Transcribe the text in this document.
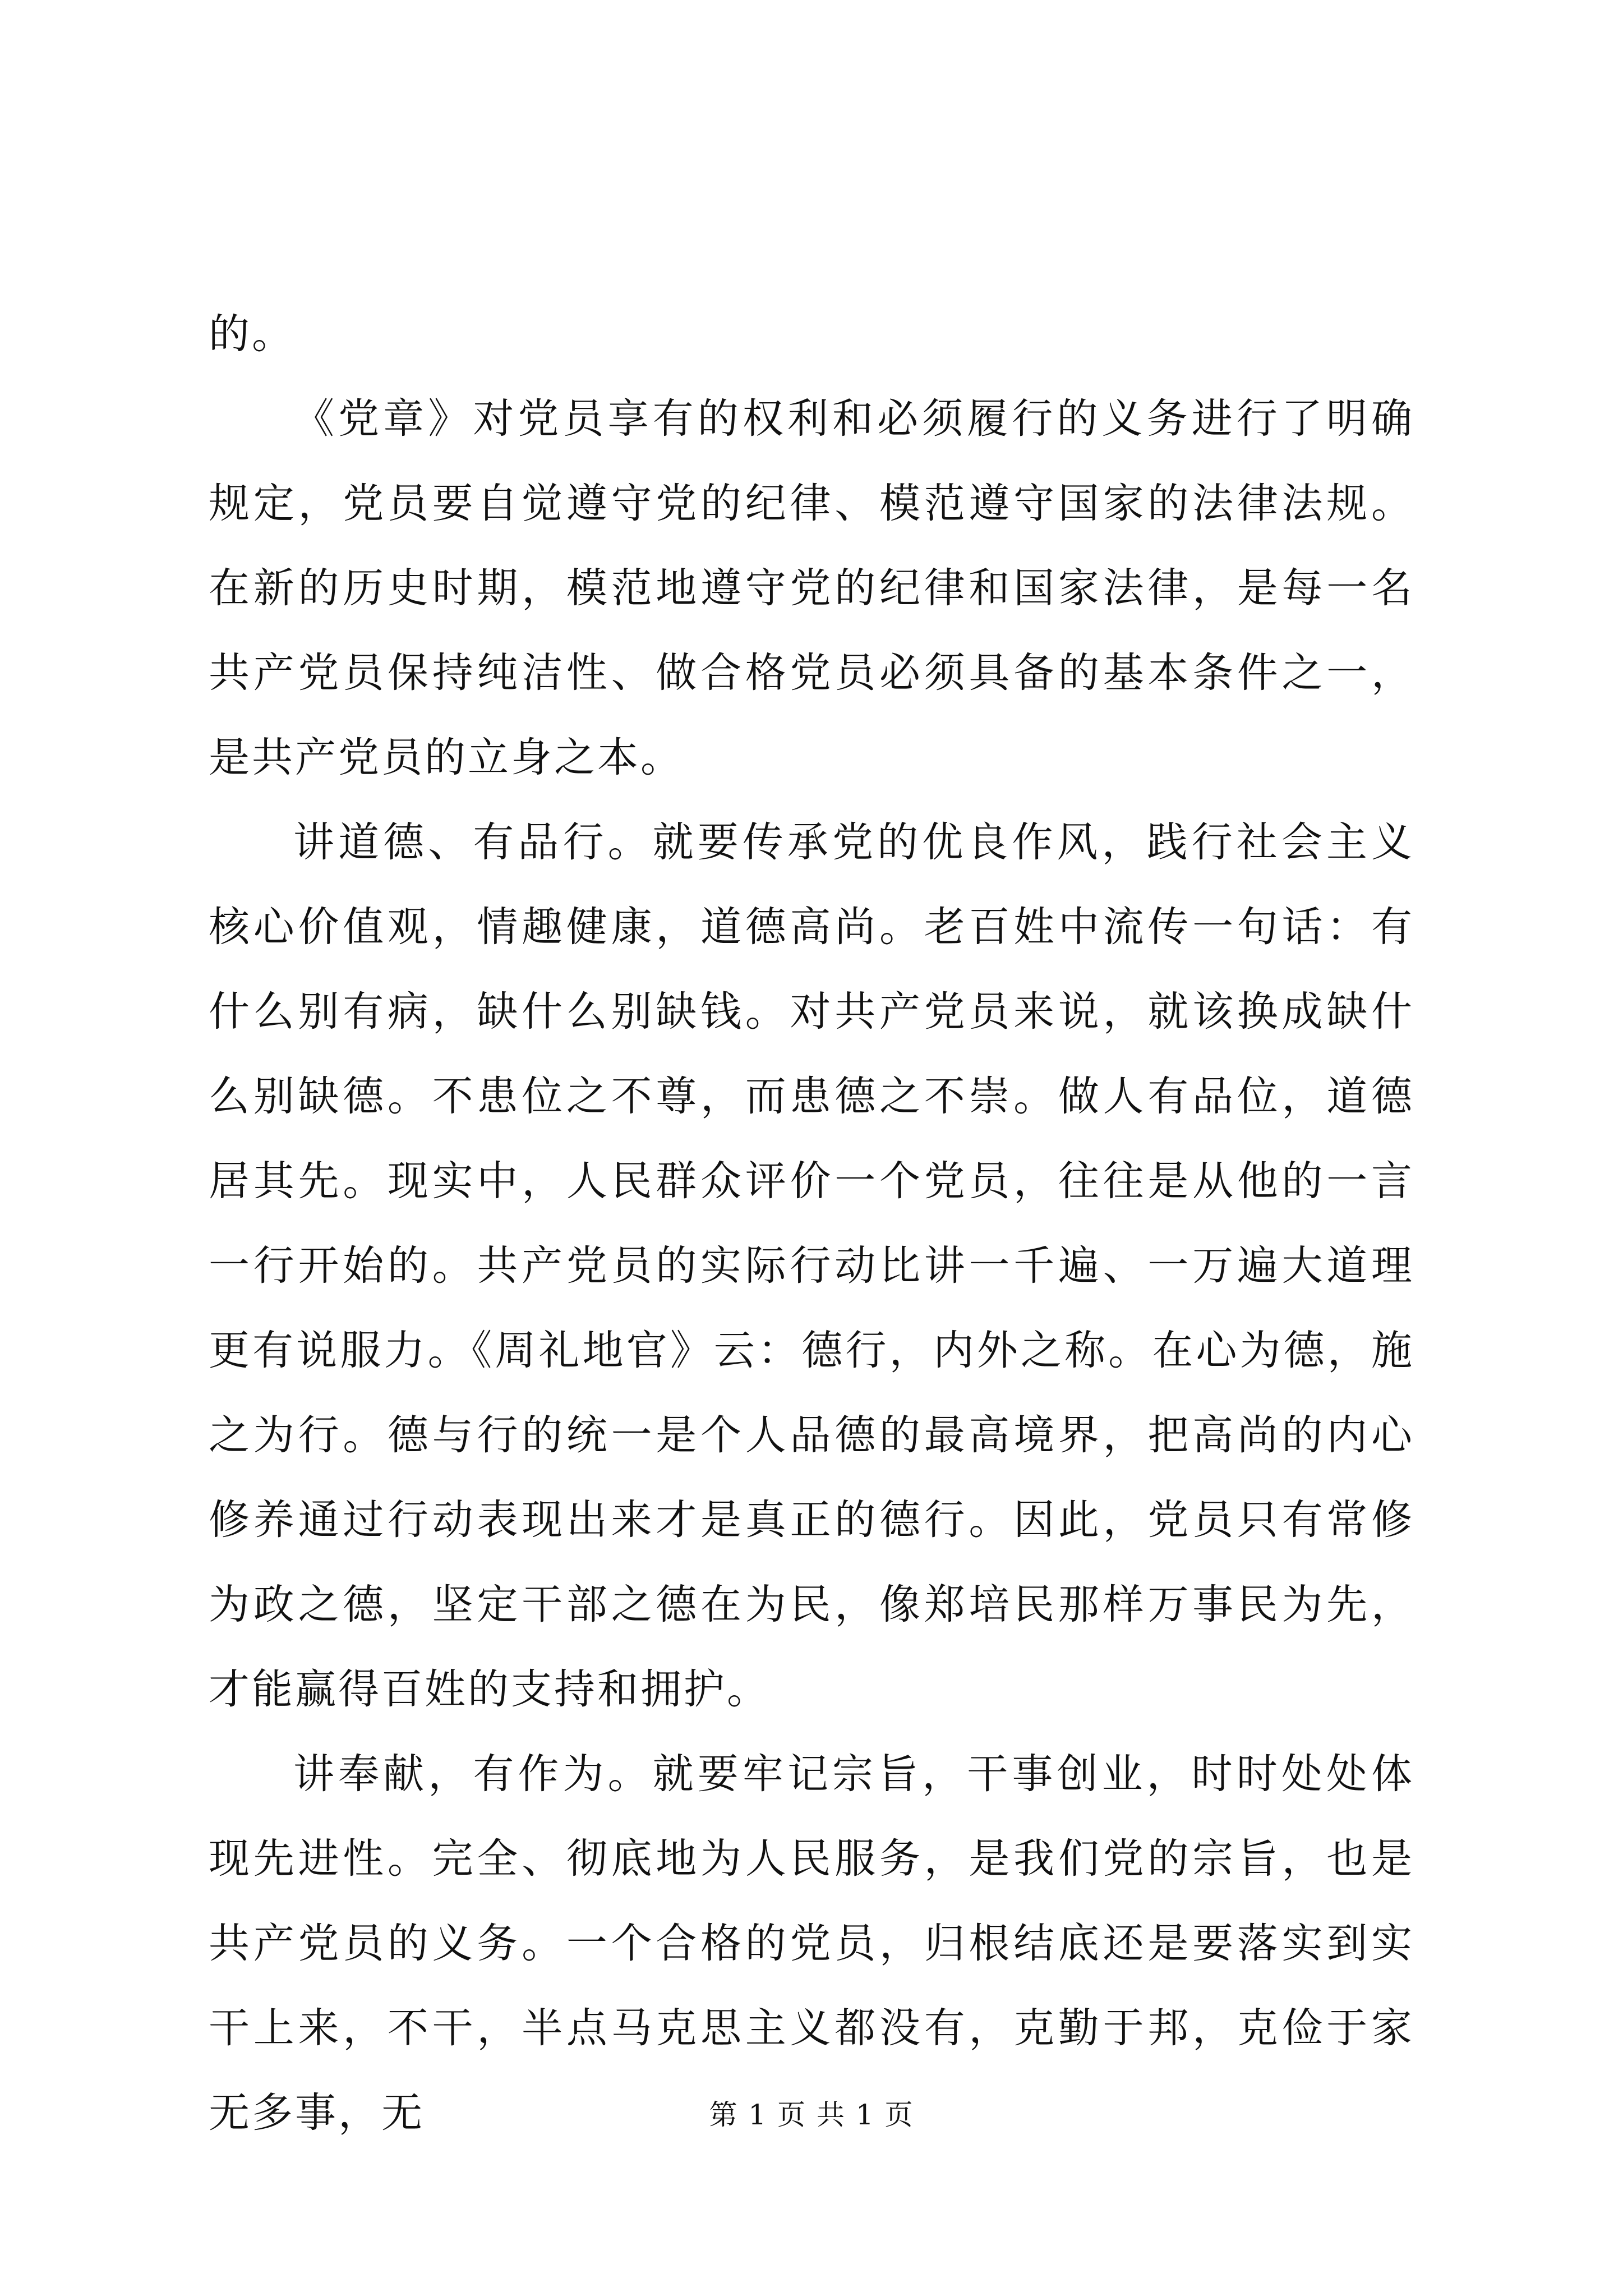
的。

《党章》对党员享有的权利和必须履行的义务进行了明确规定，党员要自觉遵守党的纪律、模范遵守国家的法律法规。在新的历史时期，模范地遵守党的纪律和国家法律，是每一名共产党员保持纯洁性、做合格党员必须具备的基本条件之一，是共产党员的立身之本。

讲道德、有品行。就要传承党的优良作风，践行社会主义核心价值观，情趣健康，道德高尚。老百姓中流传一句话：有什么别有病，缺什么别缺钱。对共产党员来说，就该换成缺什么别缺德。不患位之不尊，而患德之不崇。做人有品位，道德居其先。现实中，人民群众评价一个党员，往往是从他的一言一行开始的。共产党员的实际行动比讲一千遍、一万遍大道理更有说服力。《周礼地官》云：德行，内外之称。在心为德，施之为行。德与行的统一是个人品德的最高境界，把高尚的内心修养通过行动表现出来才是真正的德行。因此，党员只有常修为政之德，坚定干部之德在为民，像郑培民那样万事民为先，才能赢得百姓的支持和拥护。

讲奉献，有作为。就要牢记宗旨，干事创业，时时处处体现先进性。完全、彻底地为人民服务，是我们党的宗旨，也是共产党员的义务。一个合格的党员，归根结底还是要落实到实干上来，不干，半点马克思主义都没有，克勤于邦，克俭于家无多事，无	第 1 页 共 1 页
